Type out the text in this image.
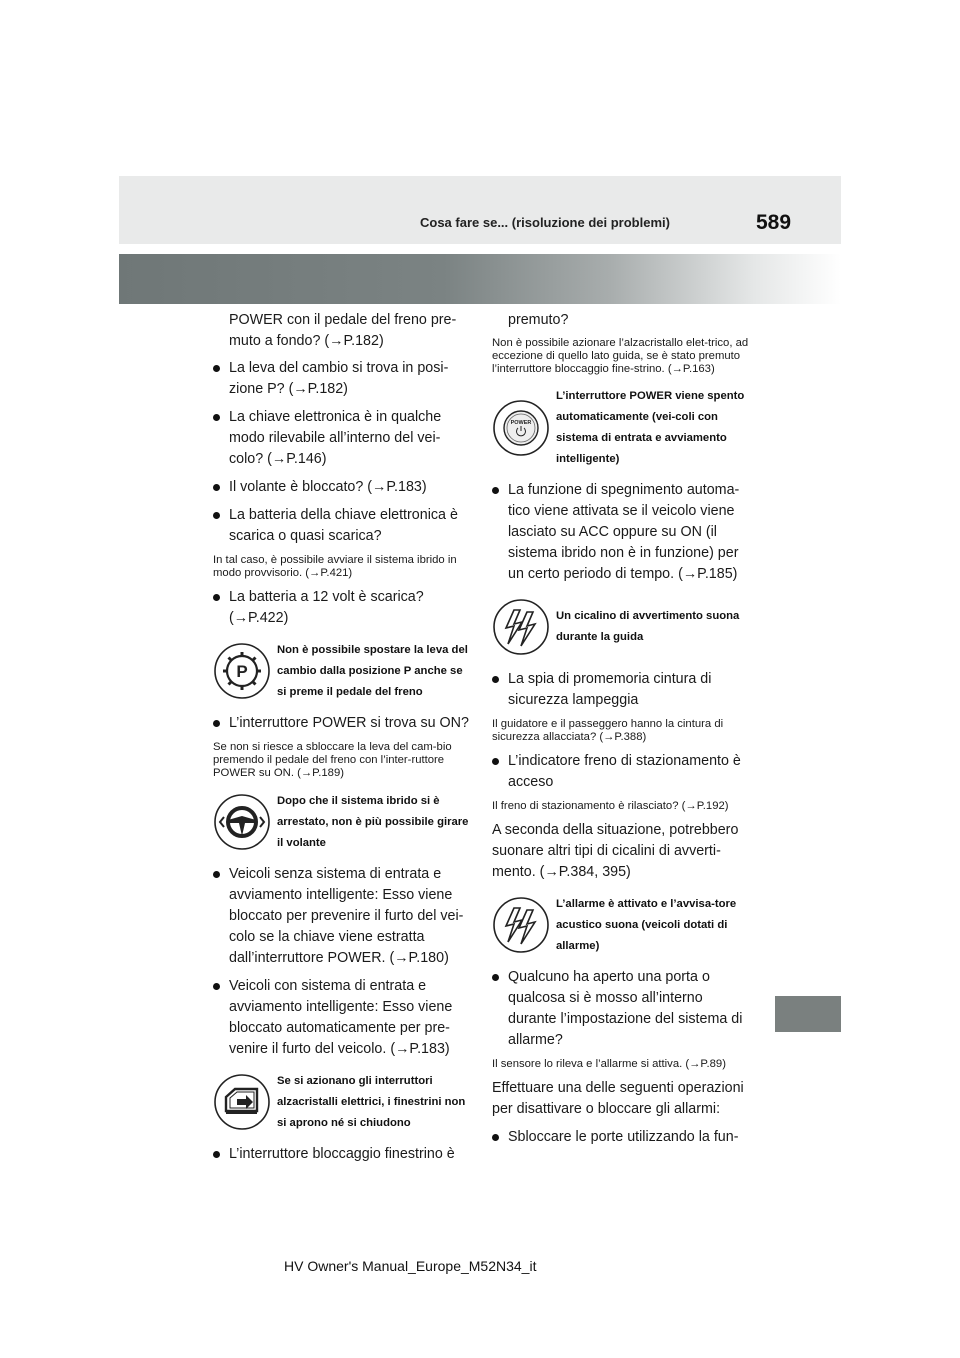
Cosa fare se... (risoluzione dei problemi)	589
POWER con il pedale del freno pre-muto a fondo? (→P.182)
La leva del cambio si trova in posi-zione P? (→P.182)
La chiave elettronica è in qualche modo rilevabile all’interno del vei-colo? (→P.146)
Il volante è bloccato? (→P.183)
La batteria della chiave elettronica è scarica o quasi scarica?
In tal caso, è possibile avviare il sistema ibrido in modo provvisorio. (→P.421)
La batteria a 12 volt è scarica? (→P.422)
P
Non è possibile spostare la leva del cambio dalla posizione P anche se si preme il pedale del freno
L’interruttore POWER si trova su ON?
Se non si riesce a sbloccare la leva del cam-bio premendo il pedale del freno con l’inter-ruttore POWER su ON. (→P.189)
Dopo che il sistema ibrido si è arrestato, non è più possibile girare il volante
Veicoli senza sistema di entrata e avviamento intelligente: Esso viene bloccato per prevenire il furto del vei-colo se la chiave viene estratta dall’interruttore POWER. (→P.180)
Veicoli con sistema di entrata e avviamento intelligente: Esso viene bloccato automaticamente per pre-venire il furto del veicolo. (→P.183)
Se si azionano gli interruttori alzacristalli elettrici, i finestrini non si aprono né si chiudono
L’interruttore bloccaggio finestrino è
premuto?
Non è possibile azionare l’alzacristallo elet-trico, ad eccezione di quello lato guida, se è stato premuto l’interruttore bloccaggio fine-strino. (→P.163)
POWER
L’interruttore POWER viene spento automaticamente (vei-coli con sistema di entrata e avviamento intelligente)
La funzione di spegnimento automa-tico viene attivata se il veicolo viene lasciato su ACC oppure su ON (il sistema ibrido non è in funzione) per un certo periodo di tempo. (→P.185)
Un cicalino di avvertimento suona durante la guida
La spia di promemoria cintura di sicurezza lampeggia
Il guidatore e il passeggero hanno la cintura di sicurezza allacciata? (→P.388)
L’indicatore freno di stazionamento è acceso
Il freno di stazionamento è rilasciato? (→P.192)
A seconda della situazione, potrebbero suonare altri tipi di cicalini di avverti-mento. (→P.384, 395)
L’allarme è attivato e l’avvisa-tore acustico suona (veicoli dotati di allarme)
Qualcuno ha aperto una porta o qualcosa si è mosso all’interno durante l’impostazione del sistema di allarme?
Il sensore lo rileva e l’allarme si attiva. (→P.89)
Effettuare una delle seguenti operazioni per disattivare o bloccare gli allarmi:
Sbloccare le porte utilizzando la fun-
HV Owner's Manual_Europe_M52N34_it
